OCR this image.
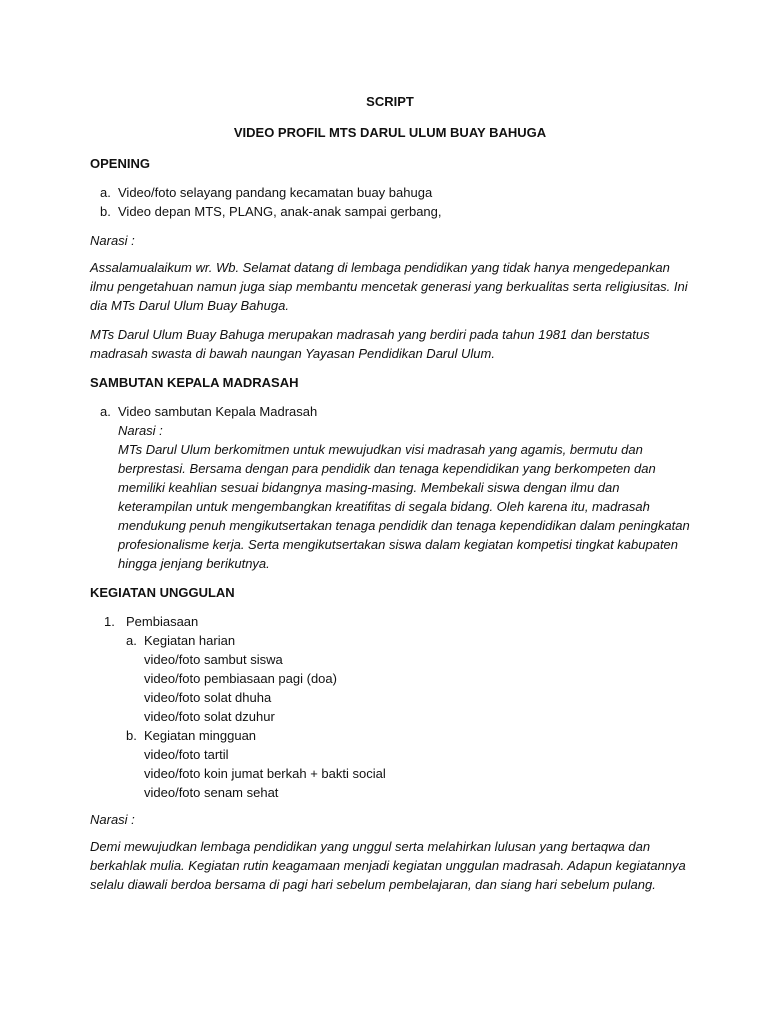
SCRIPT
VIDEO PROFIL MTS DARUL ULUM BUAY BAHUGA
OPENING
a. Video/foto selayang pandang kecamatan buay bahuga
b. Video depan MTS, PLANG, anak-anak sampai gerbang,
Narasi :

Assalamualaikum wr. Wb. Selamat datang di lembaga pendidikan yang tidak hanya mengedepankan ilmu pengetahuan namun juga siap membantu mencetak generasi yang berkualitas serta religiusitas. Ini dia MTs Darul Ulum Buay Bahuga.

MTs Darul Ulum Buay Bahuga merupakan madrasah yang berdiri pada tahun 1981 dan berstatus madrasah swasta di bawah naungan Yayasan Pendidikan Darul Ulum.

SAMBUTAN KEPALA MADRASAH
a. Video sambutan Kepala Madrasah
Narasi :
MTs Darul Ulum berkomitmen untuk mewujudkan visi madrasah yang agamis, bermutu dan berprestasi. Bersama dengan para pendidik dan tenaga kependidikan yang berkompeten dan memiliki keahlian sesuai bidangnya masing-masing. Membekali siswa dengan ilmu dan keterampilan untuk mengembangkan kreatifitas di segala bidang. Oleh karena itu, madrasah mendukung penuh mengikutsertakan tenaga pendidik dan tenaga kependidikan dalam peningkatan profesionalisme kerja. Serta mengikutsertakan siswa dalam kegiatan kompetisi tingkat kabupaten hingga jenjang berikutnya.
KEGIATAN UNGGULAN
1. Pembiasaan
a. Kegiatan harian
video/foto sambut siswa
video/foto pembiasaan pagi (doa)
video/foto solat dhuha
video/foto solat dzuhur
b. Kegiatan mingguan
video/foto tartil
video/foto koin jumat berkah + bakti social
video/foto senam sehat
Narasi :

Demi mewujudkan lembaga pendidikan yang unggul serta melahirkan lulusan yang bertaqwa dan berkahlak mulia. Kegiatan rutin keagamaan menjadi kegiatan unggulan madrasah. Adapun kegiatannya selalu diawali berdoa bersama di pagi hari sebelum pembelajaran, dan siang hari sebelum pulang.
